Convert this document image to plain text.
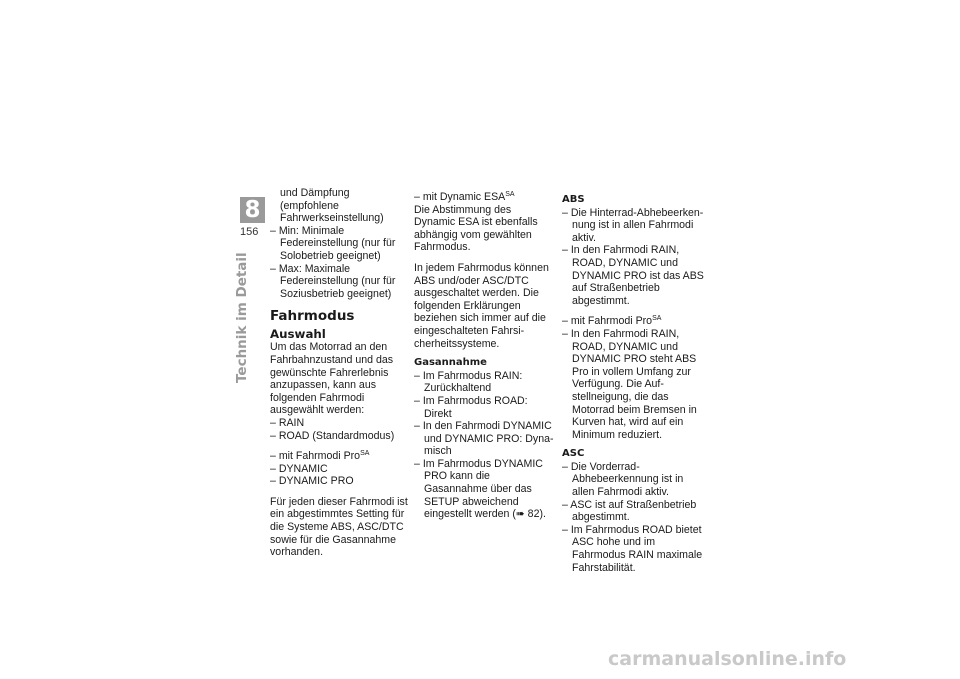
8
156
Technik im Detail
und Dämpfung (empfohlene Fahrwerkseinstellung)
– Min: Minimale Federeinstellung (nur für Solobetrieb geeignet)
– Max: Maximale Federeinstellung (nur für Soziusbetrieb geeignet)
Fahrmodus
Auswahl
Um das Motorrad an den Fahrbahnzustand und das gewünschte Fahrerlebnis anzupassen, kann aus folgenden Fahrmodi ausgewählt werden:
– RAIN
– ROAD (Standardmodus)
– mit Fahrmodi Pro$^{SA}$
– DYNAMIC
– DYNAMIC PRO
Für jeden dieser Fahrmodi ist ein abgestimmtes Setting für die Systeme ABS, ASC/DTC sowie für die Gasannahme vorhanden.
– mit Dynamic $ESA^{SA}$
Die Abstimmung des Dynamic ESA ist ebenfalls abhängig vom gewählten Fahrmodus.
In jedem Fahrmodus können ABS und/oder ASC/DTC ausgeschaltet werden. Die folgenden Erklärungen beziehen sich immer auf die eingeschalteten Fahrsicherheitssysteme.
Gasannahme
– Im Fahrmodus RAIN: Zurückhaltend
– Im Fahrmodus ROAD: Direkt
– In den Fahrmodi DYNAMIC und DYNAMIC PRO: Dynamisch
– Im Fahrmodus DYNAMIC PRO kann die Gasannahme über das SETUP abweichend eingestellt werden (➠ 82).
ABS
– Die Hinterrad-Abhebeerkennung ist in allen Fahrmodi aktiv.
– In den Fahrmodi RAIN, ROAD, DYNAMIC und DYNAMIC PRO ist das ABS auf Straßenbetrieb abgestimmt.
– mit Fahrmodi Pro$^{SA}$
– In den Fahrmodi RAIN, ROAD, DYNAMIC und DYNAMIC PRO steht ABS Pro in vollem Umfang zur Verfügung. Die Aufstellneigung, die das Motorrad beim Bremsen in Kurven hat, wird auf ein Minimum reduziert.
ASC
– Die Vorderrad-Abhebeerkennung ist in allen Fahrmodi aktiv.
– ASC ist auf Straßenbetrieb abgestimmt.
– Im Fahrmodus ROAD bietet ASC hohe und im Fahrmodus RAIN maximale Fahrstabilität.
carmanualsonline.info
